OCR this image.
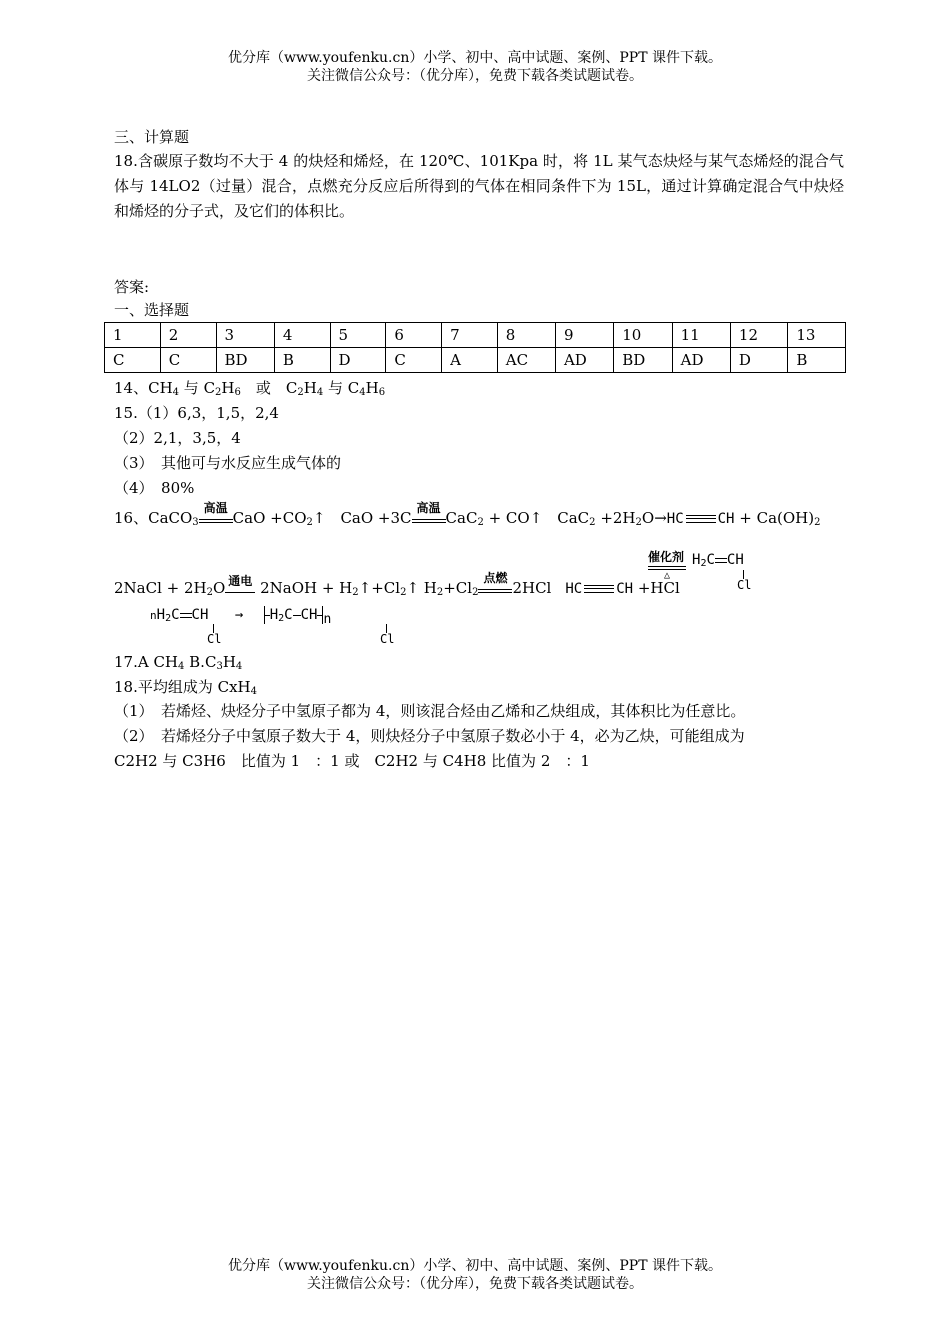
优分库（www.youfenku.cn）小学、初中、高中试题、案例、PPT 课件下载。
关注微信公众号：（优分库），免费下载各类试题试卷。
三、计算题
18.含碳原子数均不大于 4 的炔烃和烯烃，在 120℃、101Kpa 时，将 1L 某气态炔烃与某气态烯烃的混合气体与 14LO2（过量）混合，点燃充分反应后所得到的气体在相同条件下为 15L，通过计算确定混合气中炔烃和烯烃的分子式，及它们的体积比。
答案:
一、选择题
1	2	3	4	5	6	7	8	9	10	11	12	13
C	C	BD	B	D	C	A	AC	AD	BD	AD	D	B
14、$CH_4$ 与 $C_2H_6$　或　$C_2H_4$ 与 $C_4H_6$
15.（1）6,3，1,5，2,4
（2）2,1，3,5，4
（3）　其他可与水反应生成气体的
（4）　80%
16、CaCO$_3$
高温
CaO $+CO_2↑$　CaO +3C
高温
CaC$_2$ + CO↑　$CaC_2 +2H_2O\to HC$ CH + $Ca(OH)_2$
2NaCl + $2H_2O$ 通电 2NaOH + $H_2↑+Cl_2↑$ $H_2+Cl_2$
点燃
2HCl HC CH +HCl
催化剂
△
$H_2C$ CH
Cl
$nH_2C$ CH → $H_2C$ CH n
Cl	Cl
17.A $CH_4$ $B.C_3H_4$
18.平均组成为 CxH$_4$
（1）　若烯烃、炔烃分子中氢原子都为 4，则该混合烃由乙烯和乙炔组成，其体积比为任意比。
（2）　若烯烃分子中氢原子数大于 4，则炔烃分子中氢原子数必小于 4，必为乙炔，可能组成为
C2H2 与 C3H6　比值为 1　：1 或　C2H2 与 C4H8 比值为 2　：1
优分库（www.youfenku.cn）小学、初中、高中试题、案例、PPT 课件下载。
关注微信公众号：（优分库），免费下载各类试题试卷。
